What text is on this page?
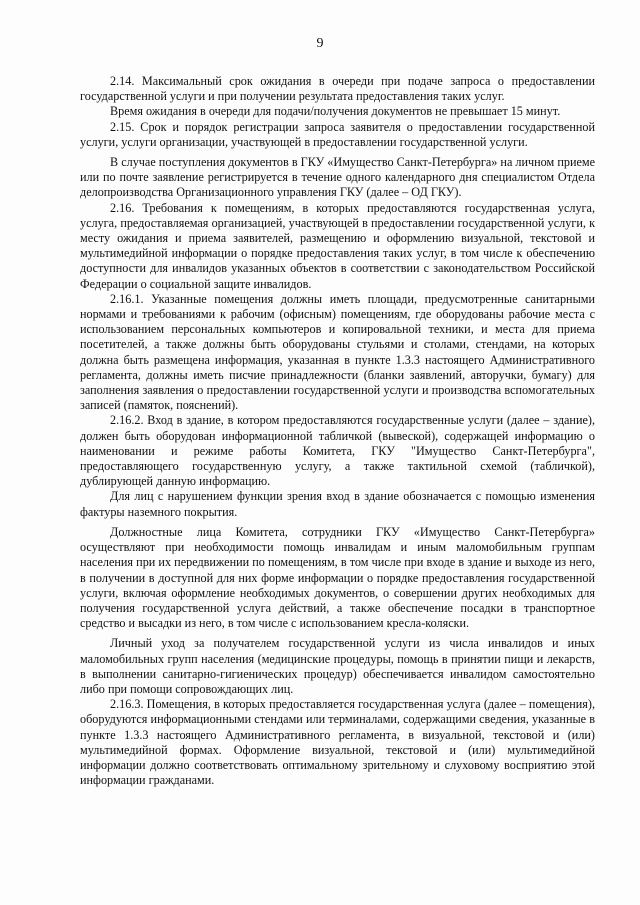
9

2.14. Максимальный срок ожидания в очереди при подаче запроса о предоставлении государственной услуги и при получении результата предоставления таких услуг.

Время ожидания в очереди для подачи/получения документов не превышает 15 минут.

2.15. Срок и порядок регистрации запроса заявителя о предоставлении государственной услуги, услуги организации, участвующей в предоставлении государственной услуги.

В случае поступления документов в ГКУ «Имущество Санкт-Петербурга» на личном приеме или по почте заявление регистрируется в течение одного календарного дня специалистом Отдела делопроизводства Организационного управления ГКУ (далее – ОД ГКУ).

2.16. Требования к помещениям, в которых предоставляются государственная услуга, услуга, предоставляемая организацией, участвующей в предоставлении государственной услуги, к месту ожидания и приема заявителей, размещению и оформлению визуальной, текстовой и мультимедийной информации о порядке предоставления таких услуг, в том числе к обеспечению доступности для инвалидов указанных объектов в соответствии с законодательством Российской Федерации о социальной защите инвалидов.

2.16.1. Указанные помещения должны иметь площади, предусмотренные санитарными нормами и требованиями к рабочим (офисным) помещениям, где оборудованы рабочие места с использованием персональных компьютеров и копировальной техники, и места для приема посетителей, а также должны быть оборудованы стульями и столами, стендами, на которых должна быть размещена информация, указанная в пункте 1.3.3 настоящего Административного регламента, должны иметь писчие принадлежности (бланки заявлений, авторучки, бумагу) для заполнения заявления о предоставлении государственной услуги и производства вспомогательных записей (памяток, пояснений).

2.16.2. Вход в здание, в котором предоставляются государственные услуги (далее – здание), должен быть оборудован информационной табличкой (вывеской), содержащей информацию о наименовании и режиме работы Комитета, ГКУ "Имущество Санкт-Петербурга", предоставляющего государственную услугу, а также тактильной схемой (табличкой), дублирующей данную информацию.

Для лиц с нарушением функции зрения вход в здание обозначается с помощью изменения фактуры наземного покрытия.

Должностные лица Комитета, сотрудники ГКУ «Имущество Санкт-Петербурга» осуществляют при необходимости помощь инвалидам и иным маломобильным группам населения при их передвижении по помещениям, в том числе при входе в здание и выходе из него, в получении в доступной для них форме информации о порядке предоставления государственной услуги, включая оформление необходимых документов, о совершении других необходимых для получения государственной услуга действий, а также обеспечение посадки в транспортное средство и высадки из него, в том числе с использованием кресла-коляски.

Личный уход за получателем государственной услуги из числа инвалидов и иных маломобильных групп населения (медицинские процедуры, помощь в принятии пищи и лекарств, в выполнении санитарно-гигиенических процедур) обеспечивается инвалидом самостоятельно либо при помощи сопровождающих лиц.

2.16.3. Помещения, в которых предоставляется государственная услуга (далее – помещения), оборудуются информационными стендами или терминалами, содержащими сведения, указанные в пункте 1.3.3 настоящего Административного регламента, в визуальной, текстовой и (или) мультимедийной формах. Оформление визуальной, текстовой и (или) мультимедийной информации должно соответствовать оптимальному зрительному и слуховому восприятию этой информации гражданами.
